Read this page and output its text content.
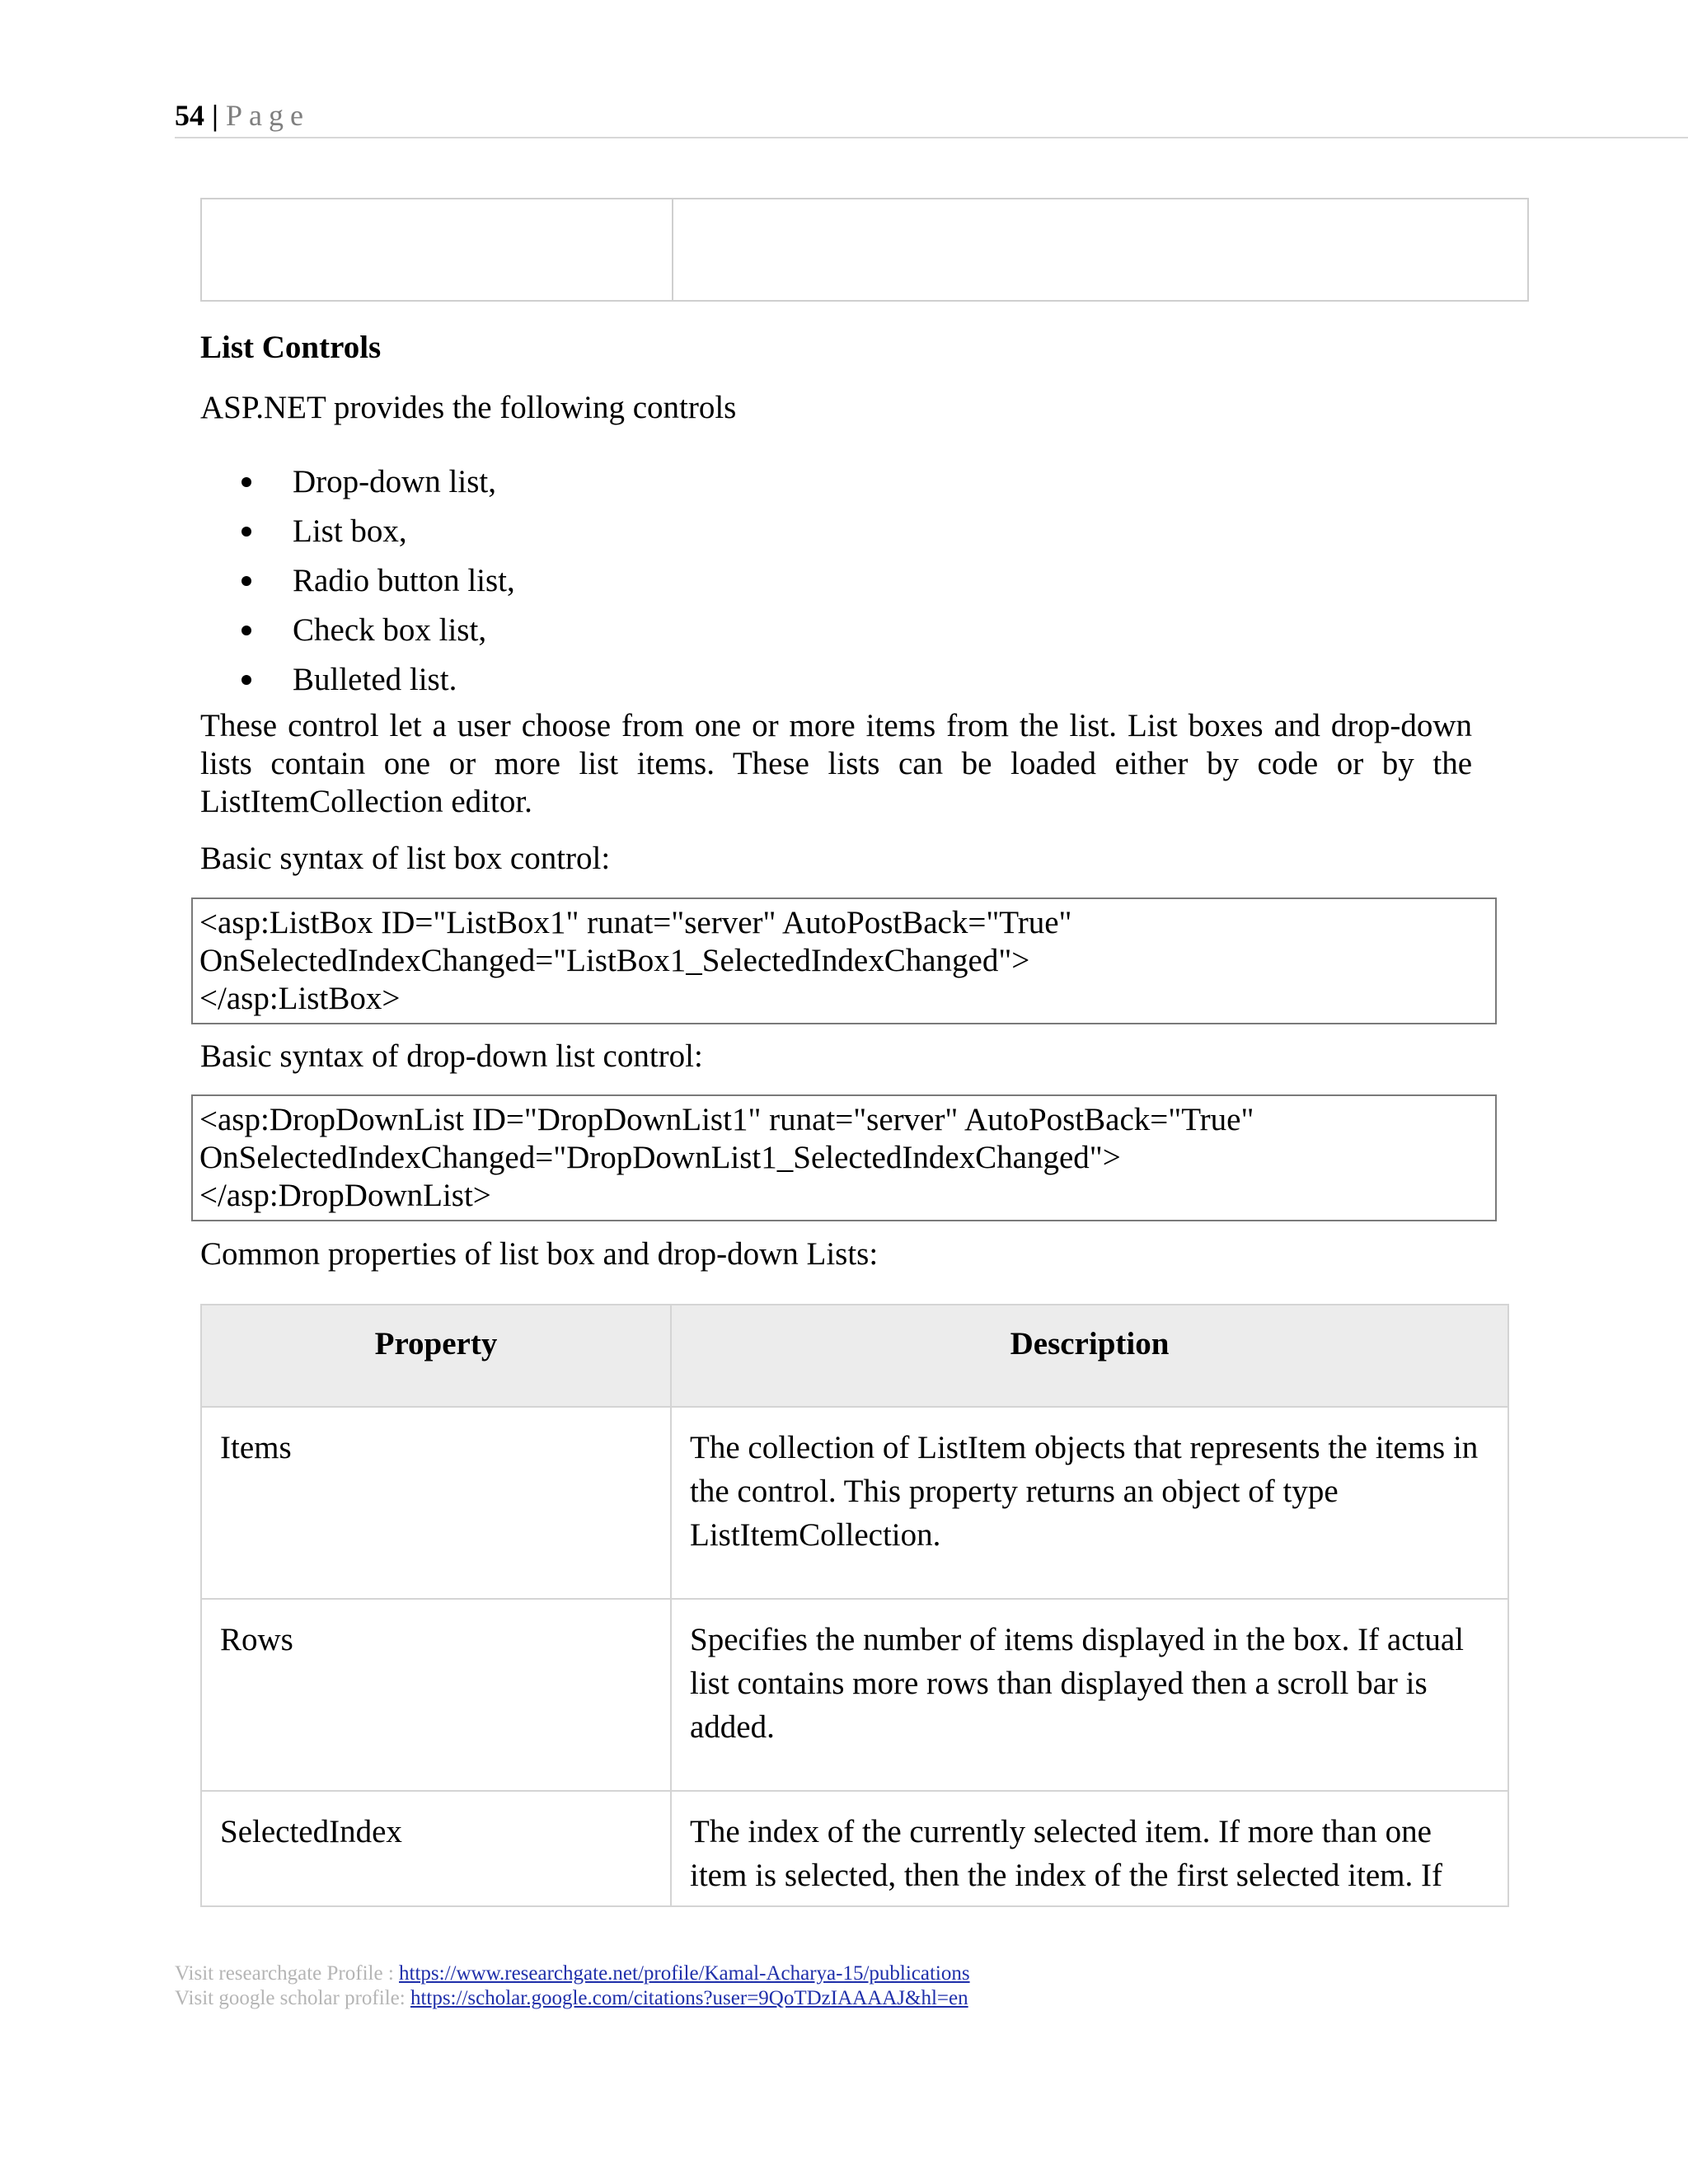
54 | Page
List Controls
ASP.NET provides the following controls
Drop-down list,
List box,
Radio button list,
Check box list,
Bulleted list.
These control let a user choose from one or more items from the list. List boxes and drop-down lists contain one or more list items. These lists can be loaded either by code or by the ListItemCollection editor.
Basic syntax of list box control:
<asp:ListBox ID="ListBox1" runat="server" AutoPostBack="True"
OnSelectedIndexChanged="ListBox1_SelectedIndexChanged">
</asp:ListBox>
Basic syntax of drop-down list control:
<asp:DropDownList ID="DropDownList1" runat="server" AutoPostBack="True"
OnSelectedIndexChanged="DropDownList1_SelectedIndexChanged">
</asp:DropDownList>
Common properties of list box and drop-down Lists:
Property	Description
Items	The collection of ListItem objects that represents the items in the control. This property returns an object of type ListItemCollection.
Rows	Specifies the number of items displayed in the box. If actual list contains more rows than displayed then a scroll bar is added.
SelectedIndex	The index of the currently selected item. If more than one item is selected, then the index of the first selected item. If
Visit researchgate Profile : https://www.researchgate.net/profile/Kamal-Acharya-15/publications
Visit google scholar profile: https://scholar.google.com/citations?user=9QoTDzIAAAAJ&hl=en
